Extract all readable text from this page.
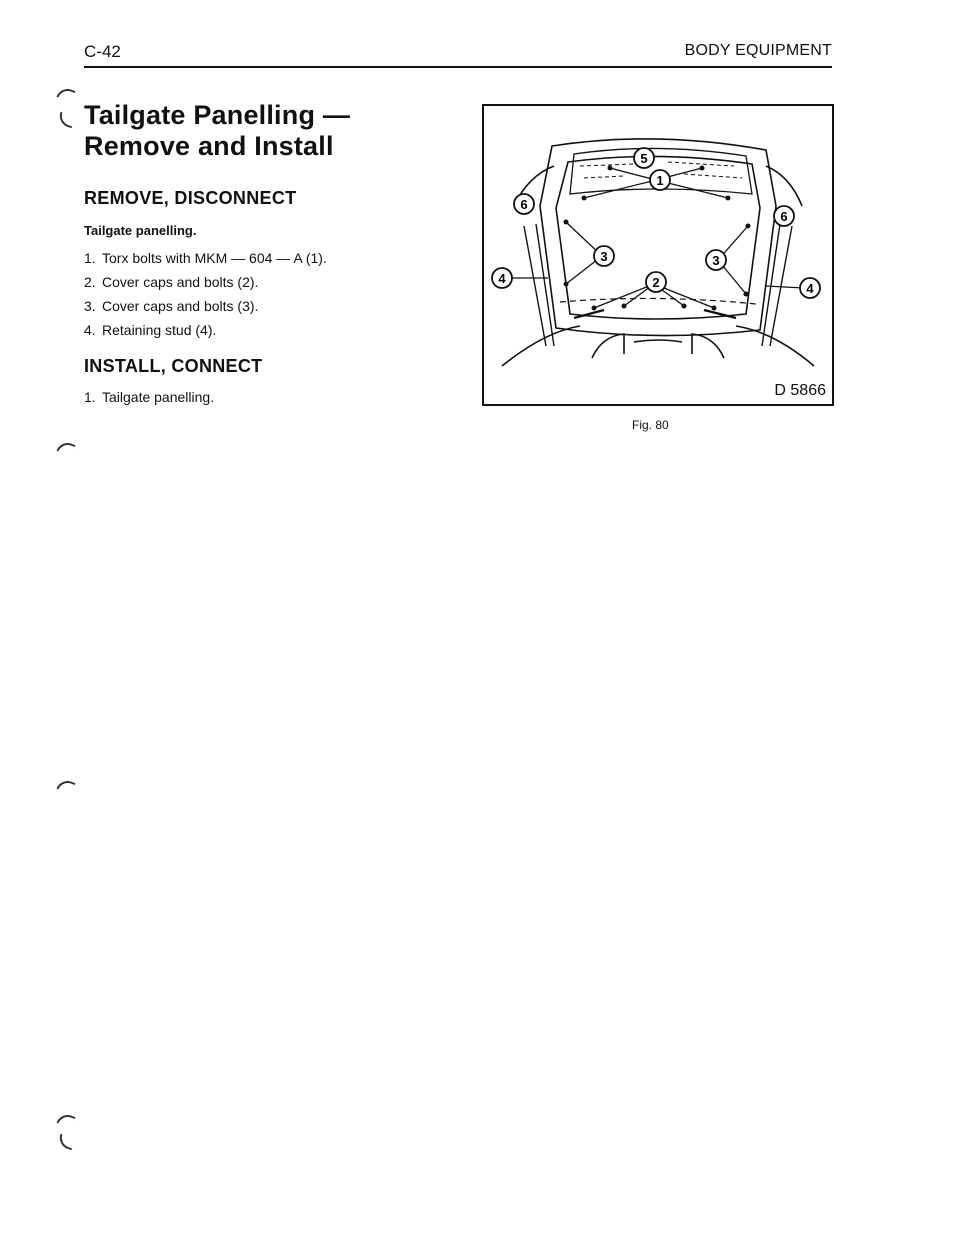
C-42	BODY EQUIPMENT
Tailgate Panelling —
Remove and Install
REMOVE, DISCONNECT

Tailgate panelling.

1. Torx bolts with MKM — 604 — A (1).
2. Cover caps and bolts (2).
3. Cover caps and bolts (3).
4. Retaining stud (4).
INSTALL, CONNECT
1. Tailgate panelling.
1
2
3	3
4
4
5
6
6
D 5866
Fig. 80
